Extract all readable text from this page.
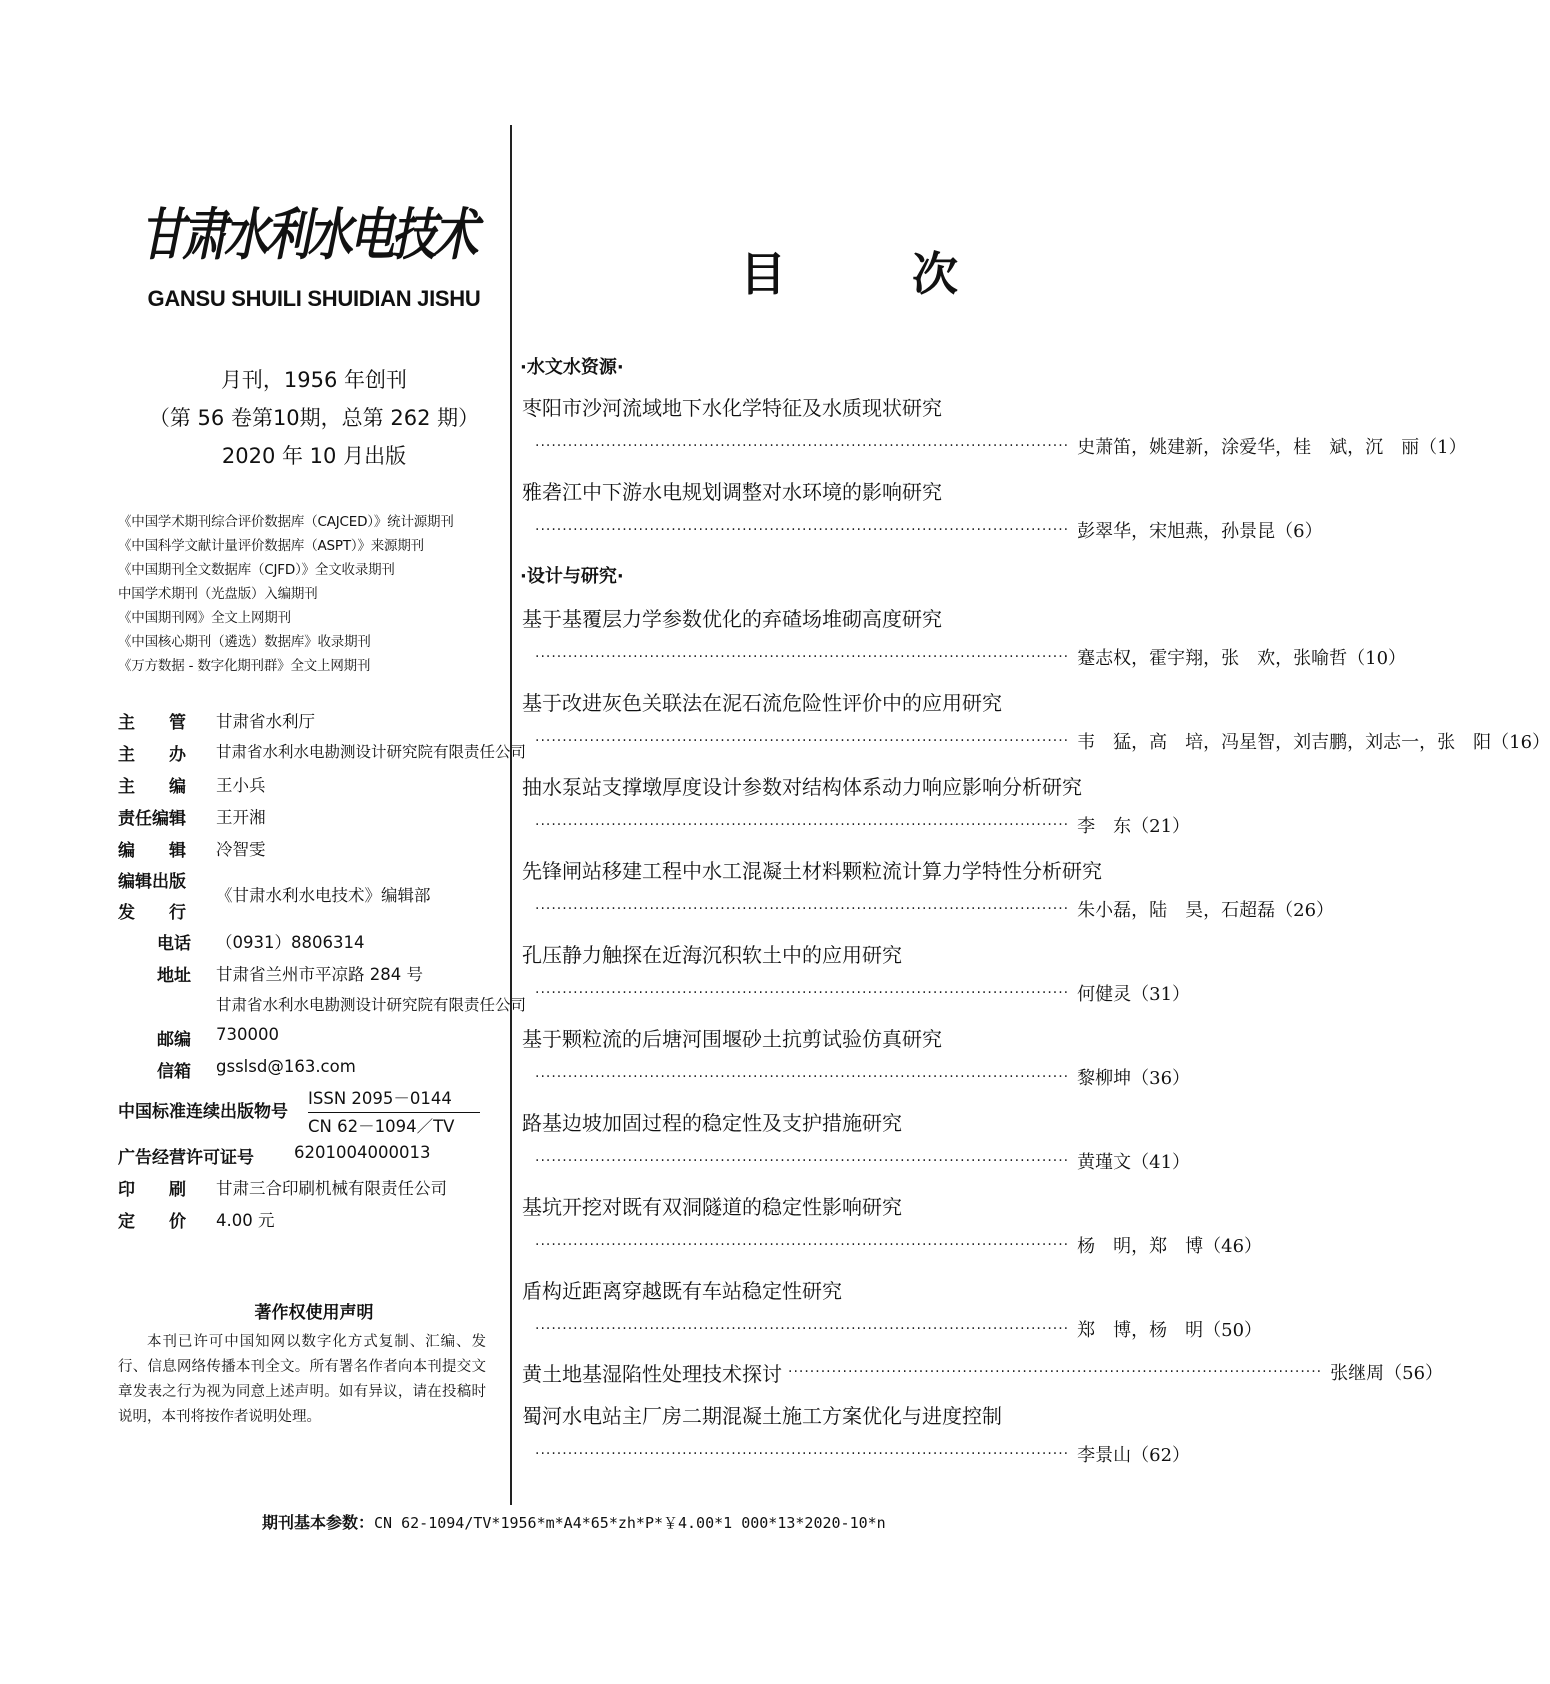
甘肃水利水电技术
GANSU SHUILI SHUIDIAN JISHU
月刊，1956 年创刊
（第 56 卷第10期，总第 262 期）
2020 年 10 月出版
《中国学术期刊综合评价数据库（CAJCED）》统计源期刊
《中国科学文献计量评价数据库（ASPT）》来源期刊
《中国期刊全文数据库（CJFD）》全文收录期刊
中国学术期刊（光盘版）入编期刊
《中国期刊网》全文上网期刊
《中国核心期刊（遴选）数据库》收录期刊
《万方数据 - 数字化期刊群》全文上网期刊
主　　管 甘肃省水利厅
主　　办 甘肃省水利水电勘测设计研究院有限责任公司
主　　编 王小兵
责任编辑 王开湘
编　　辑 冷智雯
编辑出版
发　　行
《甘肃水利水电技术》编辑部
电话 （0931）8806314
地址 甘肃省兰州市平凉路 284 号
甘肃省水利水电勘测设计研究院有限责任公司
邮编 730000
信箱 gsslsd@163.com
中国标准连续出版物号
ISSN 2095－0144
CN 62－1094／TV
广告经营许可证号 6201004000013
印　　刷 甘肃三合印刷机械有限责任公司
定　　价 4.00 元
著作权使用声明
本刊已许可中国知网以数字化方式复制、汇编、发行、信息网络传播本刊全文。所有署名作者向本刊提交文章发表之行为视为同意上述声明。如有异议，请在投稿时说明，本刊将按作者说明处理。
目　次
·水文水资源·
枣阳市沙河流域地下水化学特征及水质现状研究
·································································································· 史萧笛，姚建新，涂爱华，桂　斌，沉　丽 （1）
雅砻江中下游水电规划调整对水环境的影响研究
·································································································· 彭翠华，宋旭燕，孙景昆 （6）
·设计与研究·
基于基覆层力学参数优化的弃碴场堆砌高度研究
·································································································· 蹇志权，霍宇翔，张　欢，张喻哲 （10）
基于改进灰色关联法在泥石流危险性评价中的应用研究
·································································································· 韦　猛，高　培，冯星智，刘吉鹏，刘志一，张　阳 （16）
抽水泵站支撑墩厚度设计参数对结构体系动力响应影响分析研究
·································································································· 李　东 （21）
先锋闸站移建工程中水工混凝土材料颗粒流计算力学特性分析研究
·································································································· 朱小磊，陆　昊，石超磊 （26）
孔压静力触探在近海沉积软土中的应用研究
·································································································· 何健灵 （31）
基于颗粒流的后塘河围堰砂土抗剪试验仿真研究
·································································································· 黎柳坤 （36）
路基边坡加固过程的稳定性及支护措施研究
·································································································· 黄瑾文 （41）
基坑开挖对既有双洞隧道的稳定性影响研究
·································································································· 杨　明，郑　博 （46）
盾构近距离穿越既有车站稳定性研究
·································································································· 郑　博，杨　明 （50）
黄土地基湿陷性处理技术探讨 ·································································································· 张继周 （56）
蜀河水电站主厂房二期混凝土施工方案优化与进度控制
·································································································· 李景山 （62）
期刊基本参数：CN 62-1094/TV*1956*m*A4*65*zh*P*￥4.00*1 000*13*2020-10*n
